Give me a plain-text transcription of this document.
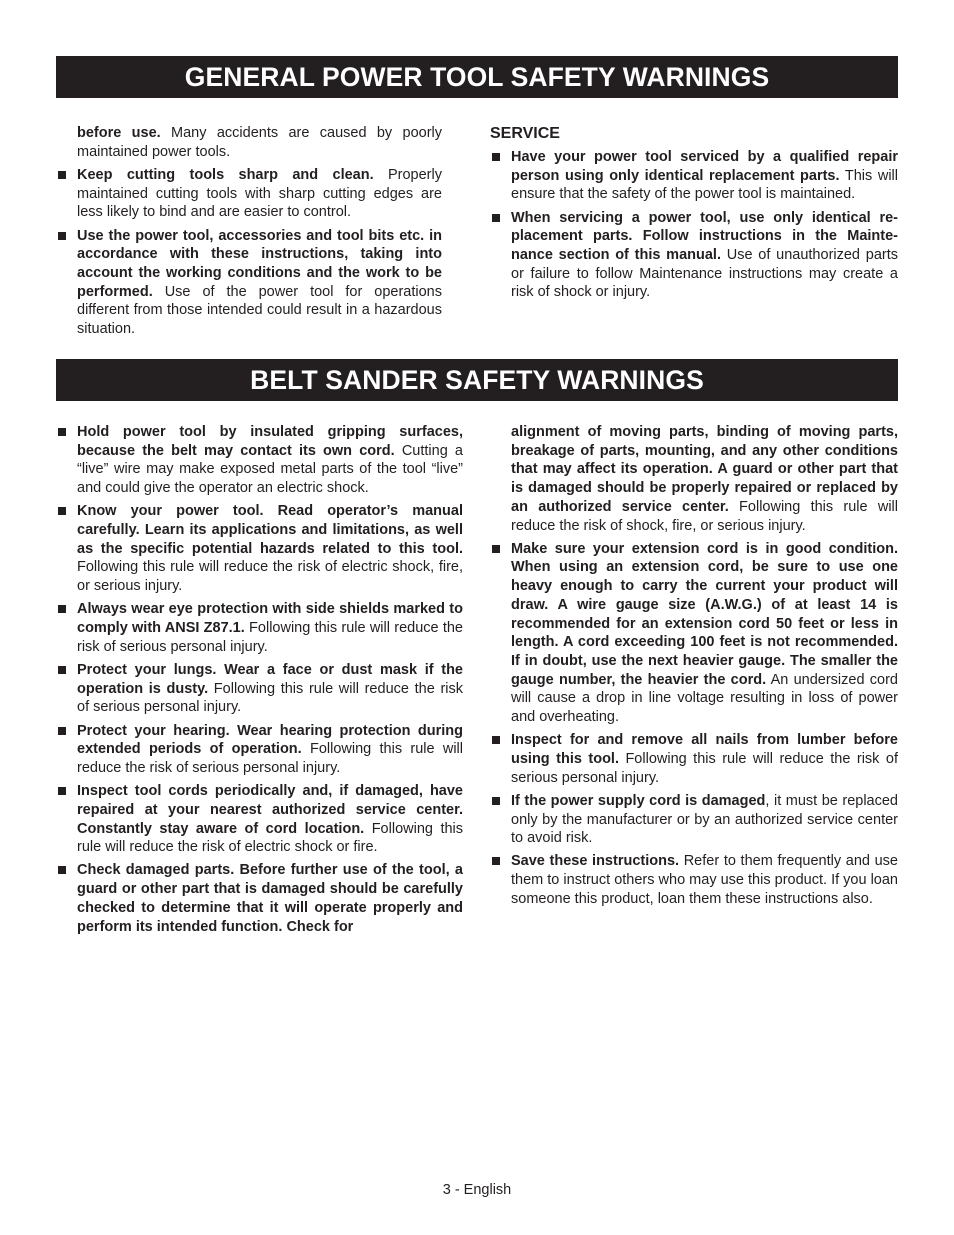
GENERAL POWER TOOL SAFETY WARNINGS

before use. Many accidents are caused by poorly maintained power tools.

Keep cutting tools sharp and clean. Properly maintained cutting tools with sharp cutting edges are less likely to bind and are easier to control.

Use the power tool, accessories and tool bits etc. in accordance with these instructions, taking into account the working conditions and the work to be performed. Use of the power tool for operations different from those intended could result in a hazardous situation.

SERVICE

Have your power tool serviced by a qualified repair person using only identical replacement parts. This will ensure that the safety of the power tool is maintained.

When servicing a power tool, use only identical re-placement parts. Follow instructions in the Mainte-nance section of this manual. Use of unauthorized parts or failure to follow Maintenance instructions may create a risk of shock or injury.

BELT SANDER SAFETY WARNINGS

Hold power tool by insulated gripping surfaces, because the belt may contact its own cord. Cutting a “live” wire may make exposed metal parts of the tool “live” and could give the operator an electric shock.

Know your power tool. Read operator’s manual carefully. Learn its applications and limitations, as well as the specific potential hazards related to this tool. Following this rule will reduce the risk of electric shock, fire, or serious injury.

Always wear eye protection with side shields marked to comply with ANSI Z87.1. Following this rule will reduce the risk of serious personal injury.

Protect your lungs. Wear a face or dust mask if the operation is dusty. Following this rule will reduce the risk of serious personal injury.

Protect your hearing. Wear hearing protection during extended periods of operation. Following this rule will reduce the risk of serious personal injury.

Inspect tool cords periodically and, if damaged, have repaired at your nearest authorized service center. Constantly stay aware of cord location. Following this rule will reduce the risk of electric shock or fire.

Check damaged parts. Before further use of the tool, a guard or other part that is damaged should be carefully checked to determine that it will operate properly and perform its intended function. Check for

alignment of moving parts, binding of moving parts, breakage of parts, mounting, and any other conditions that may affect its operation. A guard or other part that is damaged should be properly repaired or replaced by an authorized service center. Following this rule will reduce the risk of shock, fire, or serious injury.

Make sure your extension cord is in good condition. When using an extension cord, be sure to use one heavy enough to carry the current your product will draw. A wire gauge size (A.W.G.) of at least 14 is recommended for an extension cord 50 feet or less in length. A cord exceeding 100 feet is not recommended. If in doubt, use the next heavier gauge. The smaller the gauge number, the heavier the cord. An undersized cord will cause a drop in line voltage resulting in loss of power and overheating.

Inspect for and remove all nails from lumber before using this tool. Following this rule will reduce the risk of serious personal injury.

If the power supply cord is damaged, it must be replaced only by the manufacturer or by an authorized service center to avoid risk.

Save these instructions. Refer to them frequently and use them to instruct others who may use this product. If you loan someone this product, loan them these instructions also.

3 - English
